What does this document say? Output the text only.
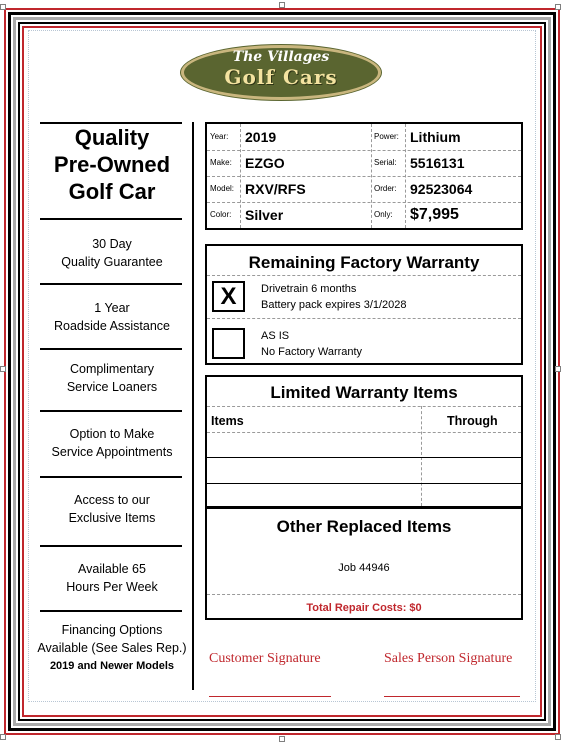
The Villages
Golf Cars
Quality
Pre-Owned
Golf Car
30 Day
Quality Guarantee
1 Year
Roadside Assistance
Complimentary
Service Loaners
Option to Make
Service Appointments
Access to our
Exclusive Items
Available 65
Hours Per Week
Financing Options
Available (See Sales Rep.)
2019 and Newer Models
Year: 2019	Power: Lithium
Make: EZGO	Serial: 5516131
Model: RXV/RFS	Order: 92523064
Color: Silver	Only: $7,995
Remaining Factory Warranty
X	Drivetrain 6 months
Battery pack expires 3/1/2028
AS IS
No Factory Warranty
Limited Warranty Items
Items	Through
Other Replaced Items
Job 44946
Total Repair Costs: $0
Customer Signature	Sales Person Signature
